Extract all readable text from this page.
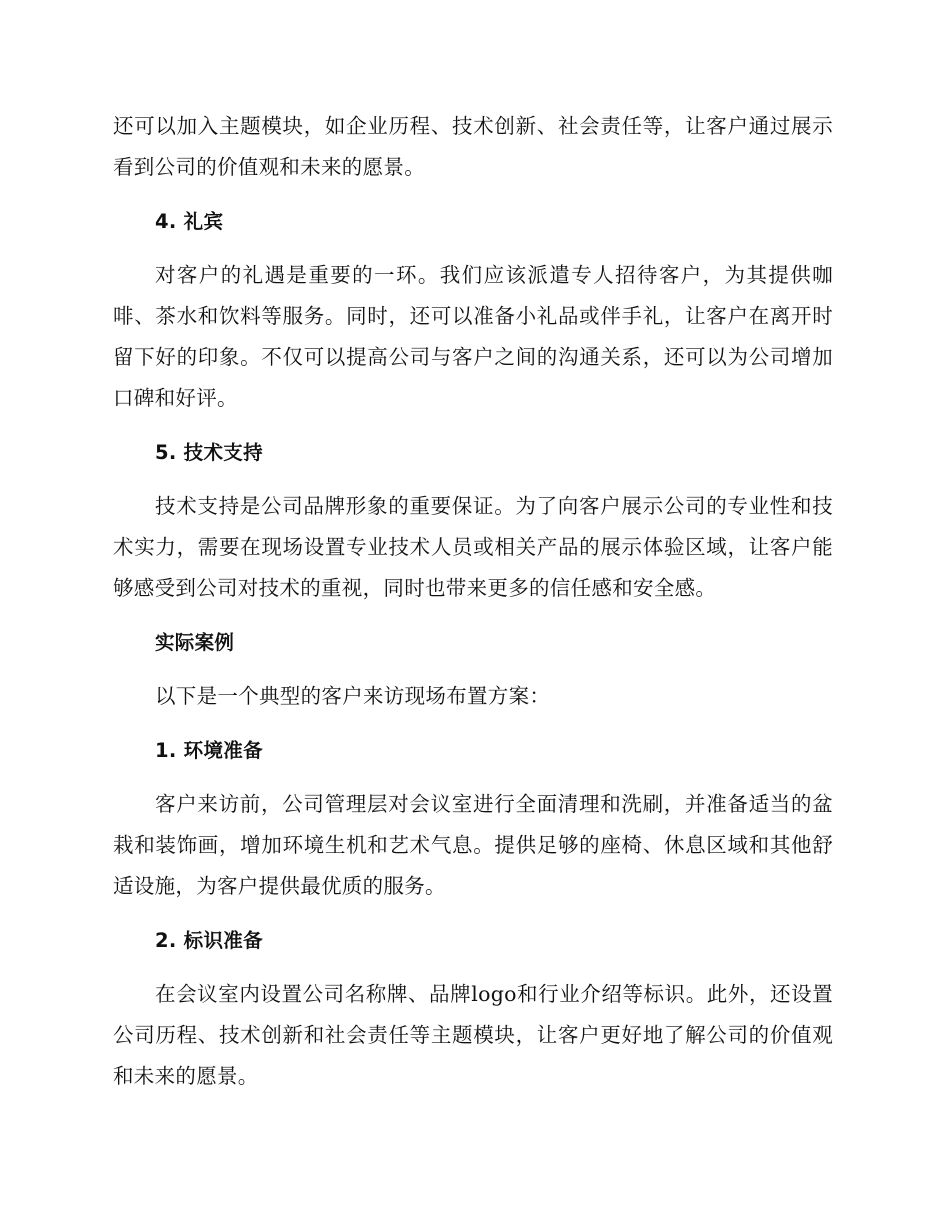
还可以加入主题模块，如企业历程、技术创新、社会责任等，让客户通过展示看到公司的价值观和未来的愿景。

4. 礼宾

对客户的礼遇是重要的一环。我们应该派遣专人招待客户，为其提供咖啡、茶水和饮料等服务。同时，还可以准备小礼品或伴手礼，让客户在离开时留下好的印象。不仅可以提高公司与客户之间的沟通关系，还可以为公司增加口碑和好评。

5. 技术支持

技术支持是公司品牌形象的重要保证。为了向客户展示公司的专业性和技术实力，需要在现场设置专业技术人员或相关产品的展示体验区域，让客户能够感受到公司对技术的重视，同时也带来更多的信任感和安全感。

实际案例

以下是一个典型的客户来访现场布置方案：

1. 环境准备

客户来访前，公司管理层对会议室进行全面清理和洗刷，并准备适当的盆栽和装饰画，增加环境生机和艺术气息。提供足够的座椅、休息区域和其他舒适设施，为客户提供最优质的服务。

2. 标识准备

在会议室内设置公司名称牌、品牌logo和行业介绍等标识。此外，还设置公司历程、技术创新和社会责任等主题模块，让客户更好地了解公司的价值观和未来的愿景。
